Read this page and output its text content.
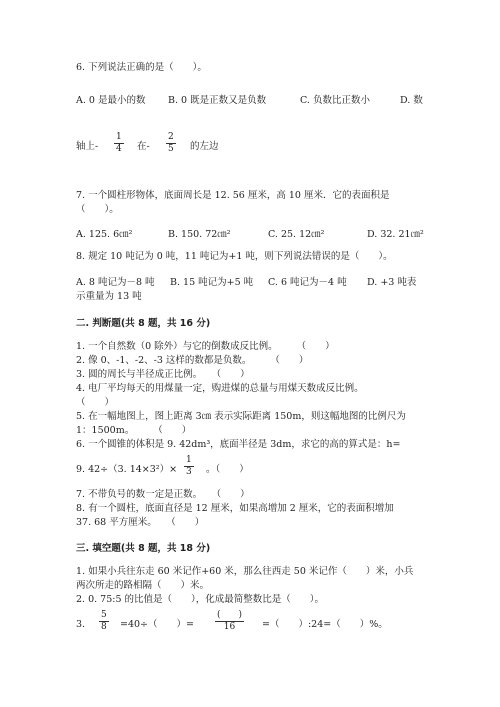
6. 下列说法正确的是（　　）。
A. 0 是最小的数 B. 0 既是正数又是负数	C. 负数比正数小	D. 数
轴上-
1
4 在-
2
5 的左边
7. 一个圆柱形物体，底面周长是 12. 56 厘米，高 10 厘米．它的表面积是
（　　）。
A. 125. 6㎝²	B. 150. 72㎝²	C. 25. 12㎝²	D. 32. 21㎝²
8. 规定 10 吨记为 0 吨，11 吨记为+1 吨，则下列说法错误的是（　　）。
A. 8 吨记为－8 吨 B. 15 吨记为+5 吨 C. 6 吨记为－4 吨 D. +3 吨表
示重量为 13 吨
二. 判断题(共 8 题，共 16 分)
1. 一个自然数（0 除外）与它的倒数成反比例。　　　（　　）
2. 像 0、-1、-2、-3 这样的数都是负数。　　　（　　）
3. 圆的周长与半径成正比例。　　（　　）
4. 电厂平均每天的用煤量一定，购进煤的总量与用煤天数成反比例。
（　　）
5. 在一幅地图上，图上距离 3㎝ 表示实际距离 150m，则这幅地图的比例尺为
1：1500m。　　　（　　）
6. 一个圆锥的体积是 9. 42dm³，底面半径是 3dm，求它的高的算式是：h=
9. 42÷（3. 14×3²）×
1
3 。（　　）
7. 不带负号的数一定是正数。　　（　　）
8. 有一个圆柱，底面直径是 12 厘米，如果高增加 2 厘米，它的表面积增加
37. 68 平方厘米。　　（　　）
三. 填空题(共 8 题，共 18 分)
1. 如果小兵往东走 60 米记作+60 米，那么往西走 50 米记作（　　）米，小兵
两次所走的路相隔（　　）米。
2. 0. 75:5 的比值是（　　），化成最简整数比是（　　）。
3.
5
8 =40÷（　　）=
(　　)
16	=（　　）:24=（　　）%。
